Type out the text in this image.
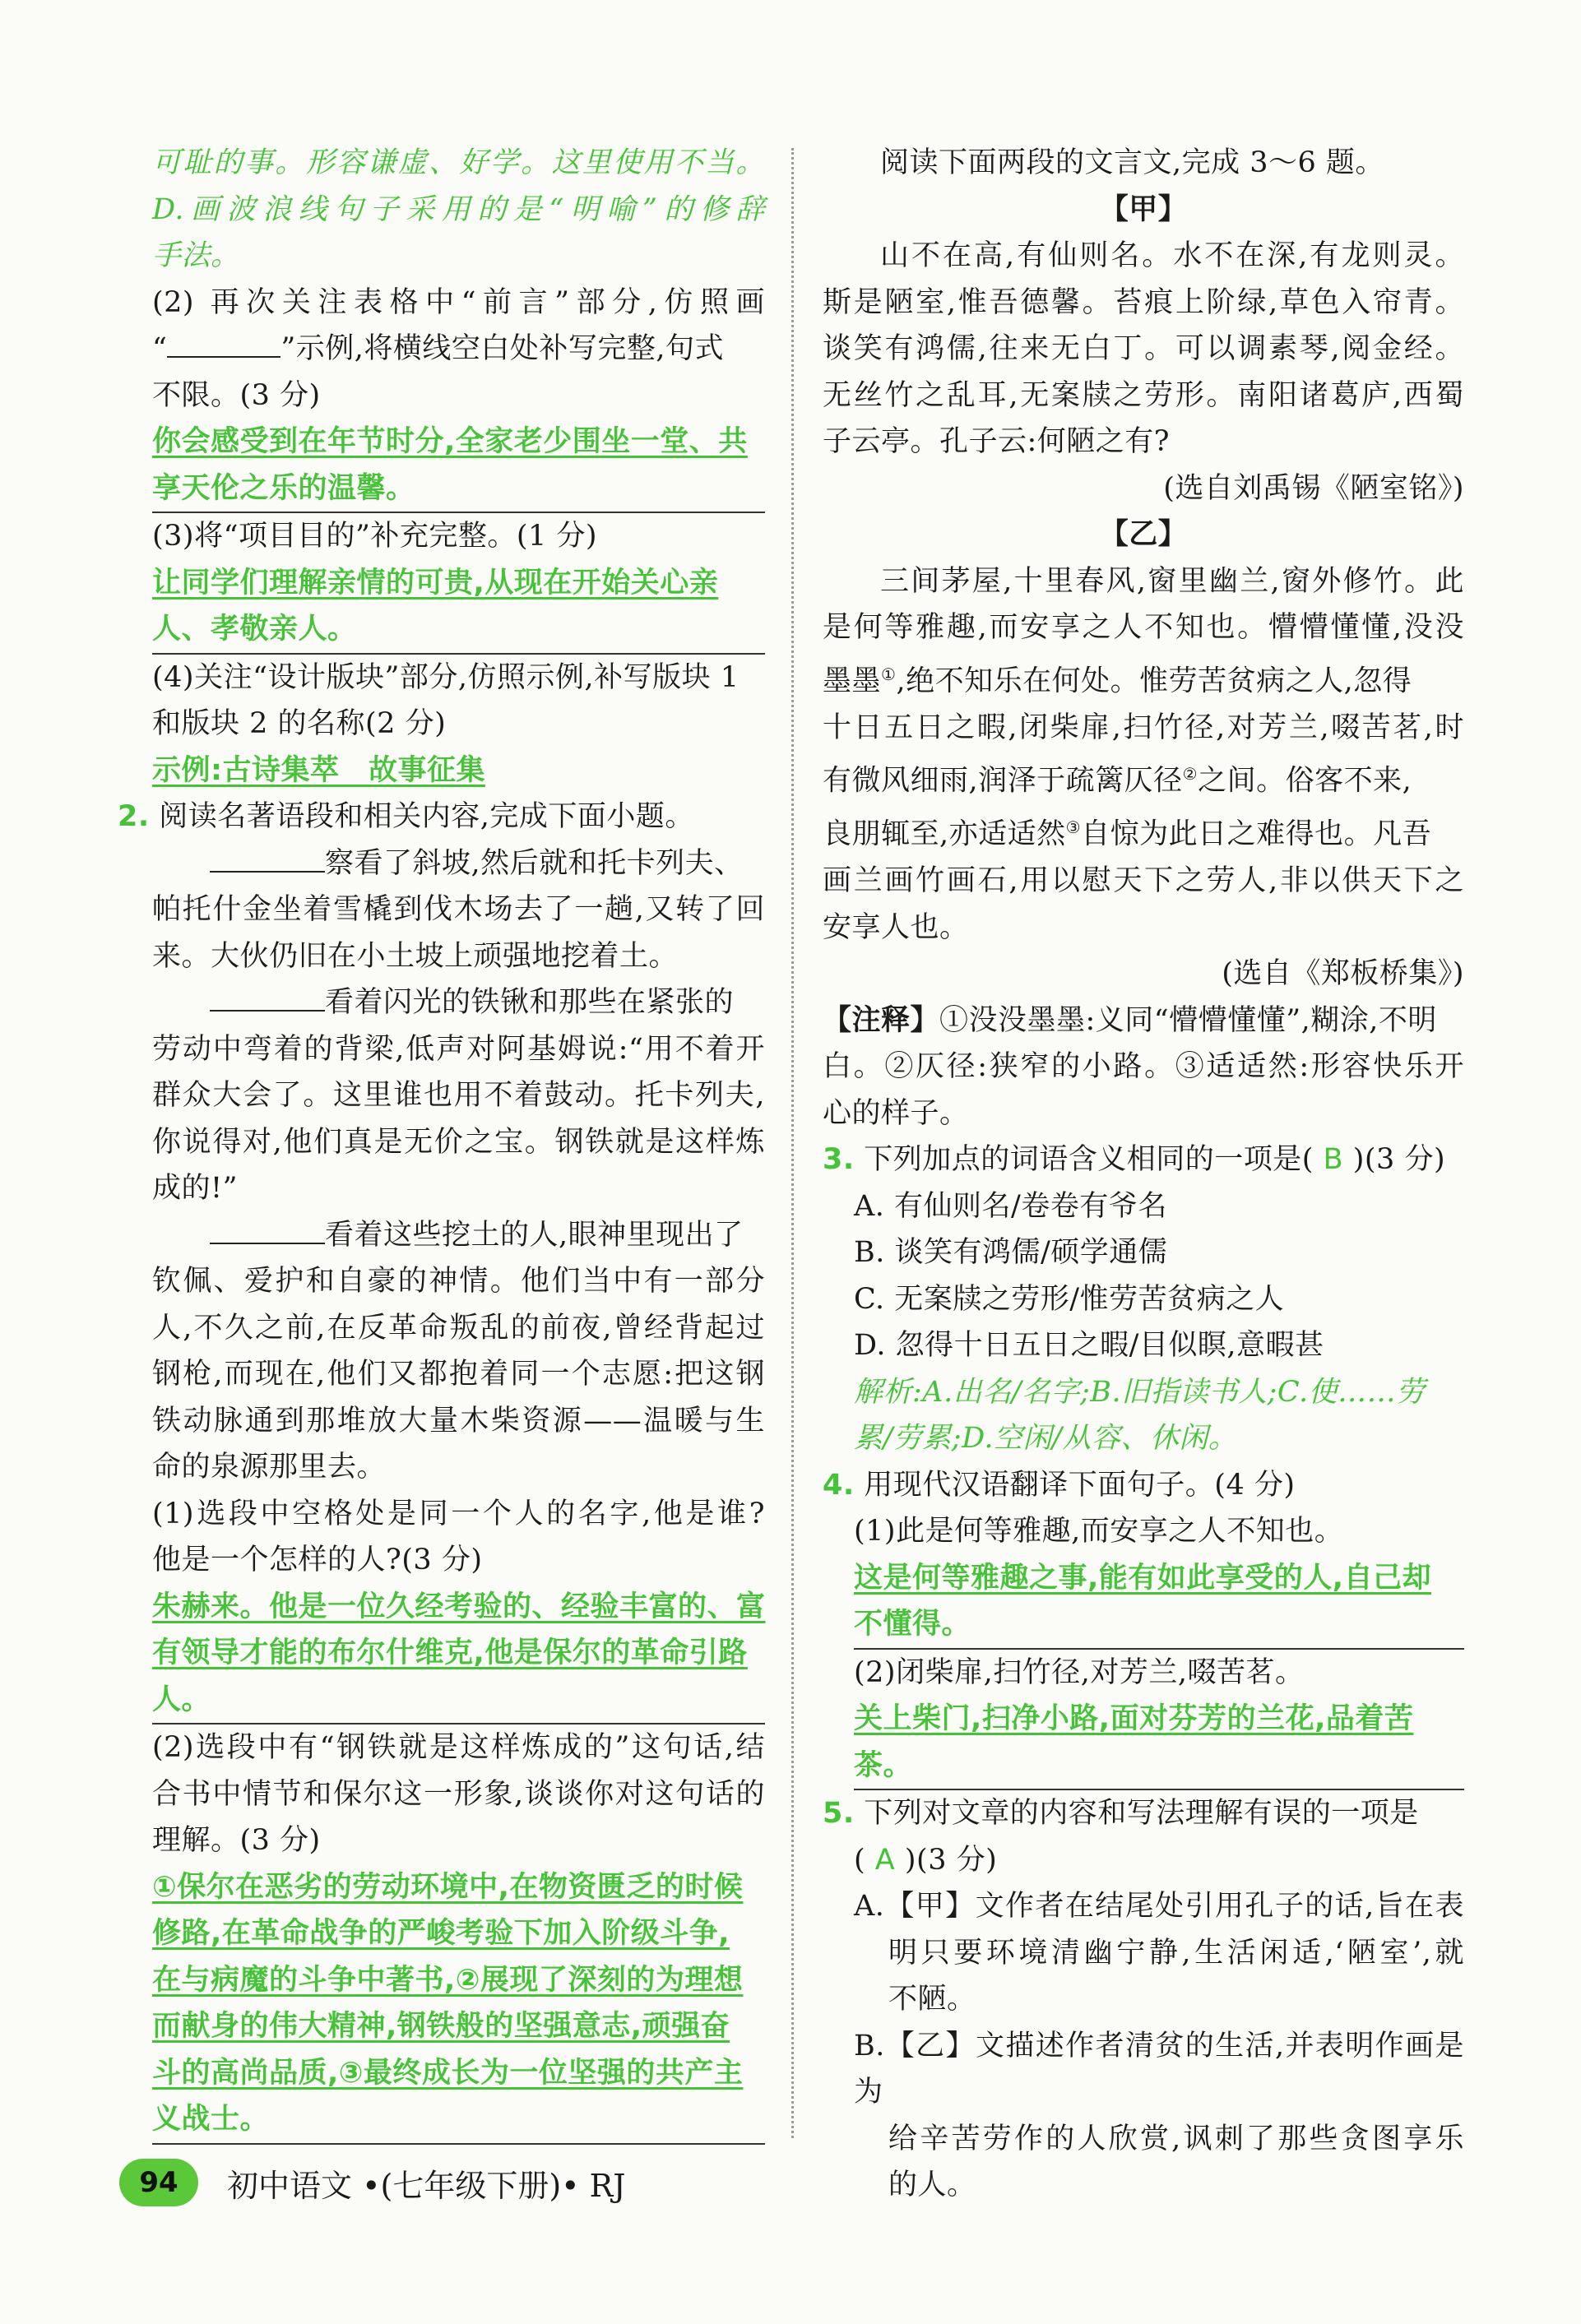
可耻的事。形容谦虚、好学。这里使用不当。
D.画波浪线句子采用的是“明喻”的修辞
手法。
(2) 再次关注表格中“前言”部分,仿照画
“	”示例,将横线空白处补写完整,句式
不限。(3 分)
你会感受到在年节时分,全家老少围坐一堂、共
享天伦之乐的温馨。
(3)将“项目目的”补充完整。(1 分)
让同学们理解亲情的可贵,从现在开始关心亲
人、孝敬亲人。
(4)关注“设计版块”部分,仿照示例,补写版块 1
和版块 2 的名称(2 分)
示例:古诗集萃　故事征集
2. 阅读名著语段和相关内容,完成下面小题。
察看了斜坡,然后就和托卡列夫、
帕托什金坐着雪橇到伐木场去了一趟,又转了回
来。大伙仍旧在小土坡上顽强地挖着土。
看着闪光的铁锹和那些在紧张的
劳动中弯着的背梁,低声对阿基姆说:“用不着开
群众大会了。这里谁也用不着鼓动。托卡列夫,
你说得对,他们真是无价之宝。钢铁就是这样炼
成的!”
看着这些挖土的人,眼神里现出了
钦佩、爱护和自豪的神情。他们当中有一部分
人,不久之前,在反革命叛乱的前夜,曾经背起过
钢枪,而现在,他们又都抱着同一个志愿:把这钢
铁动脉通到那堆放大量木柴资源——温暖与生
命的泉源那里去。
(1)选段中空格处是同一个人的名字,他是谁?
他是一个怎样的人?(3 分)
朱赫来。他是一位久经考验的、经验丰富的、富
有领导才能的布尔什维克,他是保尔的革命引路
人。
(2)选段中有“钢铁就是这样炼成的”这句话,结
合书中情节和保尔这一形象,谈谈你对这句话的
理解。(3 分)
①保尔在恶劣的劳动环境中,在物资匮乏的时候
修路,在革命战争的严峻考验下加入阶级斗争,
在与病魔的斗争中著书,②展现了深刻的为理想
而献身的伟大精神,钢铁般的坚强意志,顽强奋
斗的高尚品质,③最终成长为一位坚强的共产主
义战士。
阅读下面两段的文言文,完成 3～6 题。
【甲】
山不在高,有仙则名。水不在深,有龙则灵。
斯是陋室,惟吾德馨。苔痕上阶绿,草色入帘青。
谈笑有鸿儒,往来无白丁。可以调素琴,阅金经。
无丝竹之乱耳,无案牍之劳形。南阳诸葛庐,西蜀
子云亭。孔子云:何陋之有?
(选自刘禹锡《陋室铭》)
【乙】
三间茅屋,十里春风,窗里幽兰,窗外修竹。此
是何等雅趣,而安享之人不知也。懵懵懂懂,没没
墨墨①,绝不知乐在何处。惟劳苦贫病之人,忽得
十日五日之暇,闭柴扉,扫竹径,对芳兰,啜苦茗,时
有微风细雨,润泽于疏篱仄径②之间。俗客不来,
良朋辄至,亦适适然③自惊为此日之难得也。凡吾
画兰画竹画石,用以慰天下之劳人,非以供天下之
安享人也。
(选自《郑板桥集》)
【注释】①没没墨墨:义同“懵懵懂懂”,糊涂,不明
白。②仄径:狭窄的小路。③适适然:形容快乐开
心的样子。
3. 下列加点的词语含义相同的一项是( B )(3 分)
A. 有仙则名/卷卷有爷名
B. 谈笑有鸿儒/硕学通儒
C. 无案牍之劳形/惟劳苦贫病之人
D. 忽得十日五日之暇/目似瞑,意暇甚
解析:A.出名/名字;B.旧指读书人;C.使……劳
累/劳累;D.空闲/从容、休闲。
4. 用现代汉语翻译下面句子。(4 分)
(1)此是何等雅趣,而安享之人不知也。
这是何等雅趣之事,能有如此享受的人,自己却
不懂得。
(2)闭柴扉,扫竹径,对芳兰,啜苦茗。
关上柴门,扫净小路,面对芬芳的兰花,品着苦
茶。
5. 下列对文章的内容和写法理解有误的一项是
( A )(3 分)
A.【甲】文作者在结尾处引用孔子的话,旨在表
明只要环境清幽宁静,生活闲适,‘陋室’,就
不陋。
B.【乙】文描述作者清贫的生活,并表明作画是为
给辛苦劳作的人欣赏,讽刺了那些贪图享乐
的人。
94	初中语文 •(七年级下册)• RJ
